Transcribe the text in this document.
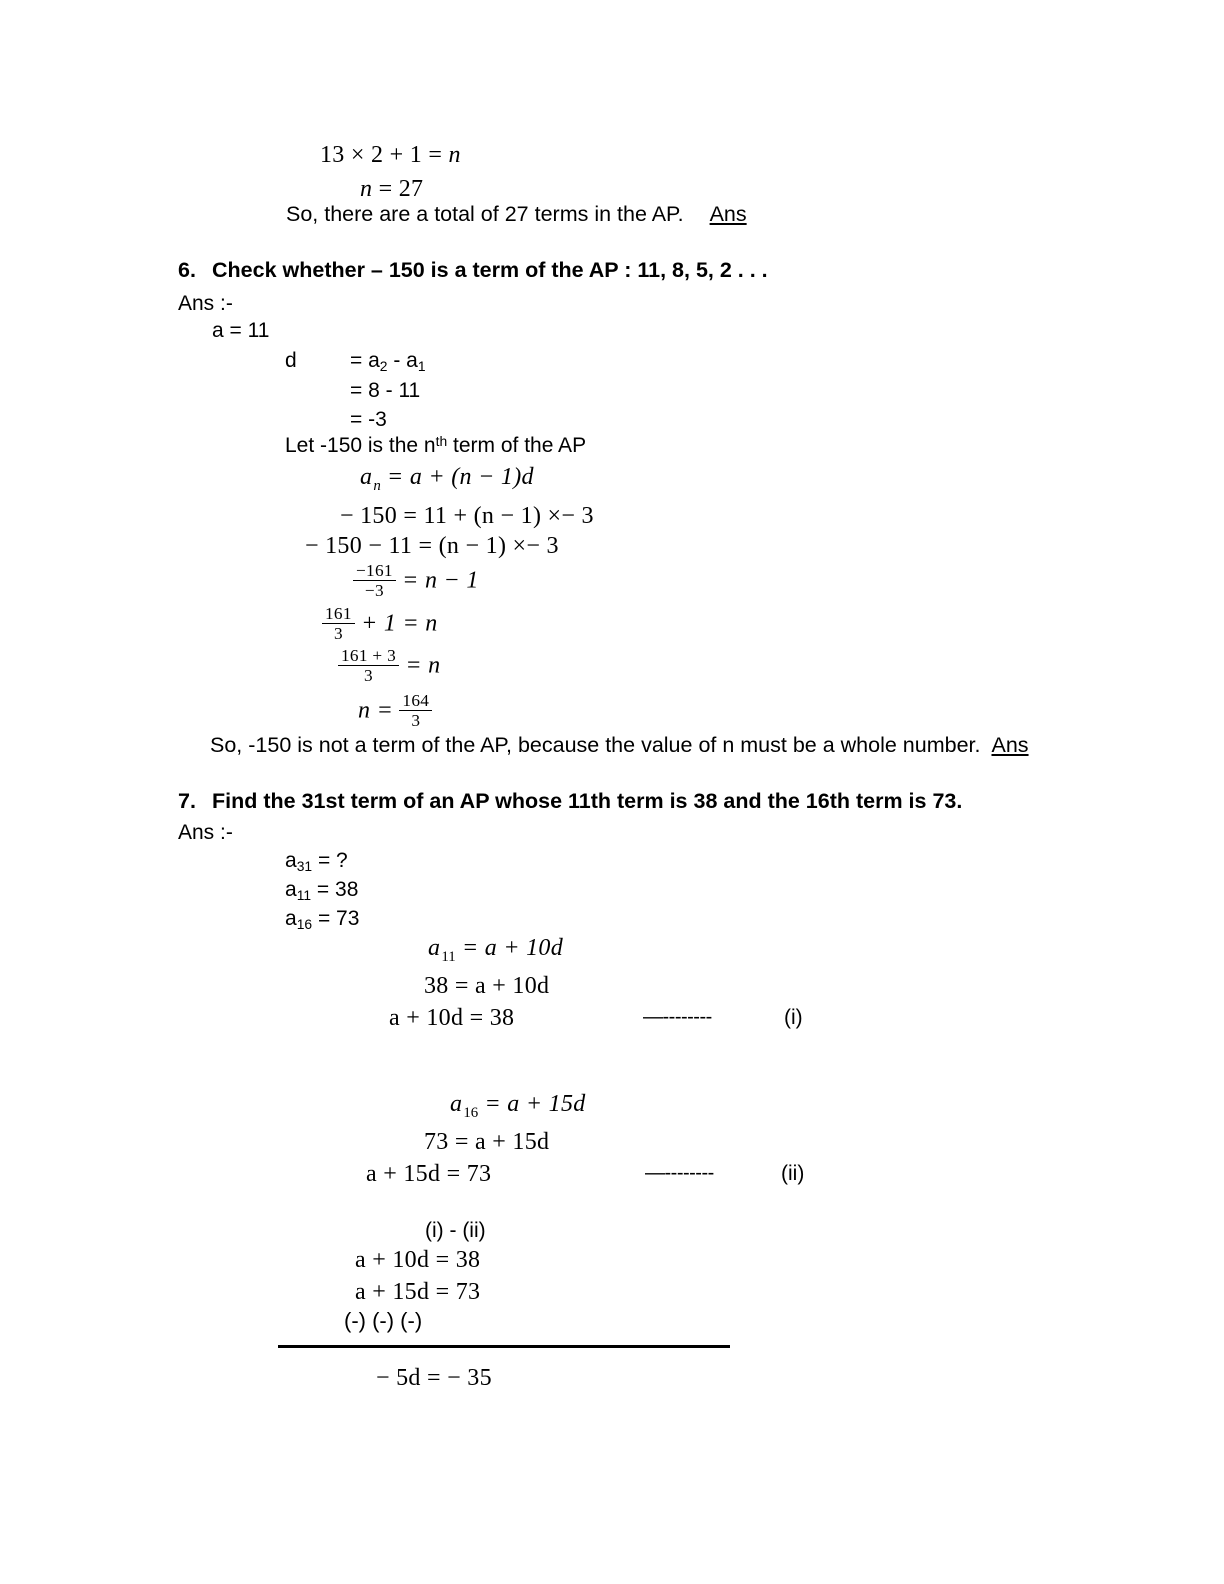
13 × 2 + 1 = n
n = 27
So, there are a total of 27 terms in the AP. Ans
6. Check whether – 150 is a term of the AP : 11, 8, 5, 2 . . .
Ans :-
a = 11
d	= $a_2 - a_1$
= 8 - 11
= -3
Let -150 is the $n^{th}$ term of the AP
$a_n = a + (n - 1)d$
− 150 = 11 + (n − 1) ×− 3
− 150 − 11 = (n − 1) ×− 3
$\frac{-161}{-3} = n - 1$
$\frac{161}{3} + 1 = n$
$\frac{161 + 3}{3} = n$
$n = \frac{164}{3}$
So, -150 is not a term of the AP, because the value of n must be a whole number. Ans
7. Find the 31st term of an AP whose 11th term is 38 and the 16th term is 73.
Ans :-
$a_{31}$ = ?
$a_{11} = 38$
$a_{16} = 73$
$a_{11} = a + 10d$
38 = a + 10d
a + 10d = 38	—--------	(i)
$a_{16} = a + 15d$
73 = a + 15d
a + 15d = 73	—--------	(ii)
(i) - (ii)
a + 10d = 38
a + 15d = 73
(-) (-) (-)
− 5d = − 35
